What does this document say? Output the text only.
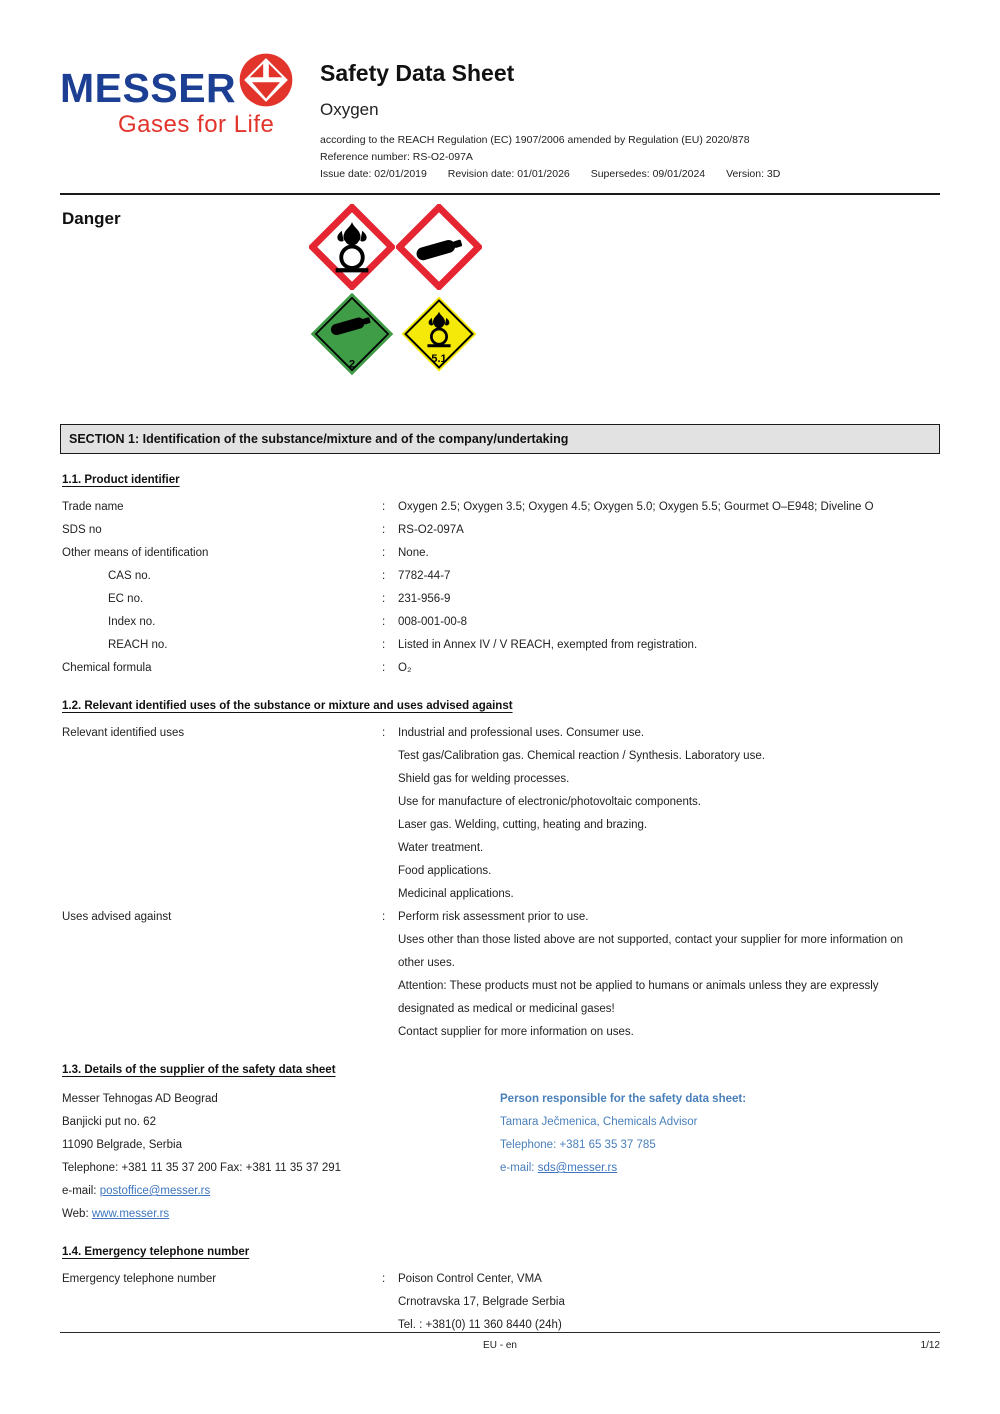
MESSER
Gases for Life
Safety Data Sheet
Oxygen
according to the REACH Regulation (EC) 1907/2006 amended by Regulation (EU) 2020/878
Reference number: RS-O2-097A
Issue date: 02/01/2019 Revision date: 01/01/2026 Supersedes: 09/01/2024 Version: 3D
Danger
2	5.1
SECTION 1: Identification of the substance/mixture and of the company/undertaking
1.1. Product identifier
Trade name	:	Oxygen 2.5; Oxygen 3.5; Oxygen 4.5; Oxygen 5.0; Oxygen 5.5; Gourmet O–E948; Diveline O
SDS no	:	RS-O2-097A
Other means of identification	:	None.
CAS no.	:	7782-44-7
EC no.	:	231-956-9
Index no.	:	008-001-00-8
REACH no.	:	Listed in Annex IV / V REACH, exempted from registration.
Chemical formula	:	O₂
1.2. Relevant identified uses of the substance or mixture and uses advised against
Relevant identified uses	:	Industrial and professional uses. Consumer use.
Test gas/Calibration gas. Chemical reaction / Synthesis. Laboratory use.
Shield gas for welding processes.
Use for manufacture of electronic/photovoltaic components.
Laser gas. Welding, cutting, heating and brazing.
Water treatment.
Food applications.
Medicinal applications.
Uses advised against	:	Perform risk assessment prior to use.
Uses other than those listed above are not supported, contact your supplier for more information on other uses.
Attention: These products must not be applied to humans or animals unless they are expressly designated as medical or medicinal gases!
Contact supplier for more information on uses.
1.3. Details of the supplier of the safety data sheet
Messer Tehnogas AD Beograd
Banjicki put no. 62
11090 Belgrade, Serbia
Telephone: +381 11 35 37 200 Fax: +381 11 35 37 291
e-mail: postoffice@messer.rs
Web: www.messer.rs
Person responsible for the safety data sheet:
Tamara Ječmenica, Chemicals Advisor
Telephone: +381 65 35 37 785
e-mail: sds@messer.rs
1.4. Emergency telephone number
Emergency telephone number	:	Poison Control Center, VMA
Crnotravska 17, Belgrade Serbia
Tel. : +381(0) 11 360 8440 (24h)
EU - en	1/12
